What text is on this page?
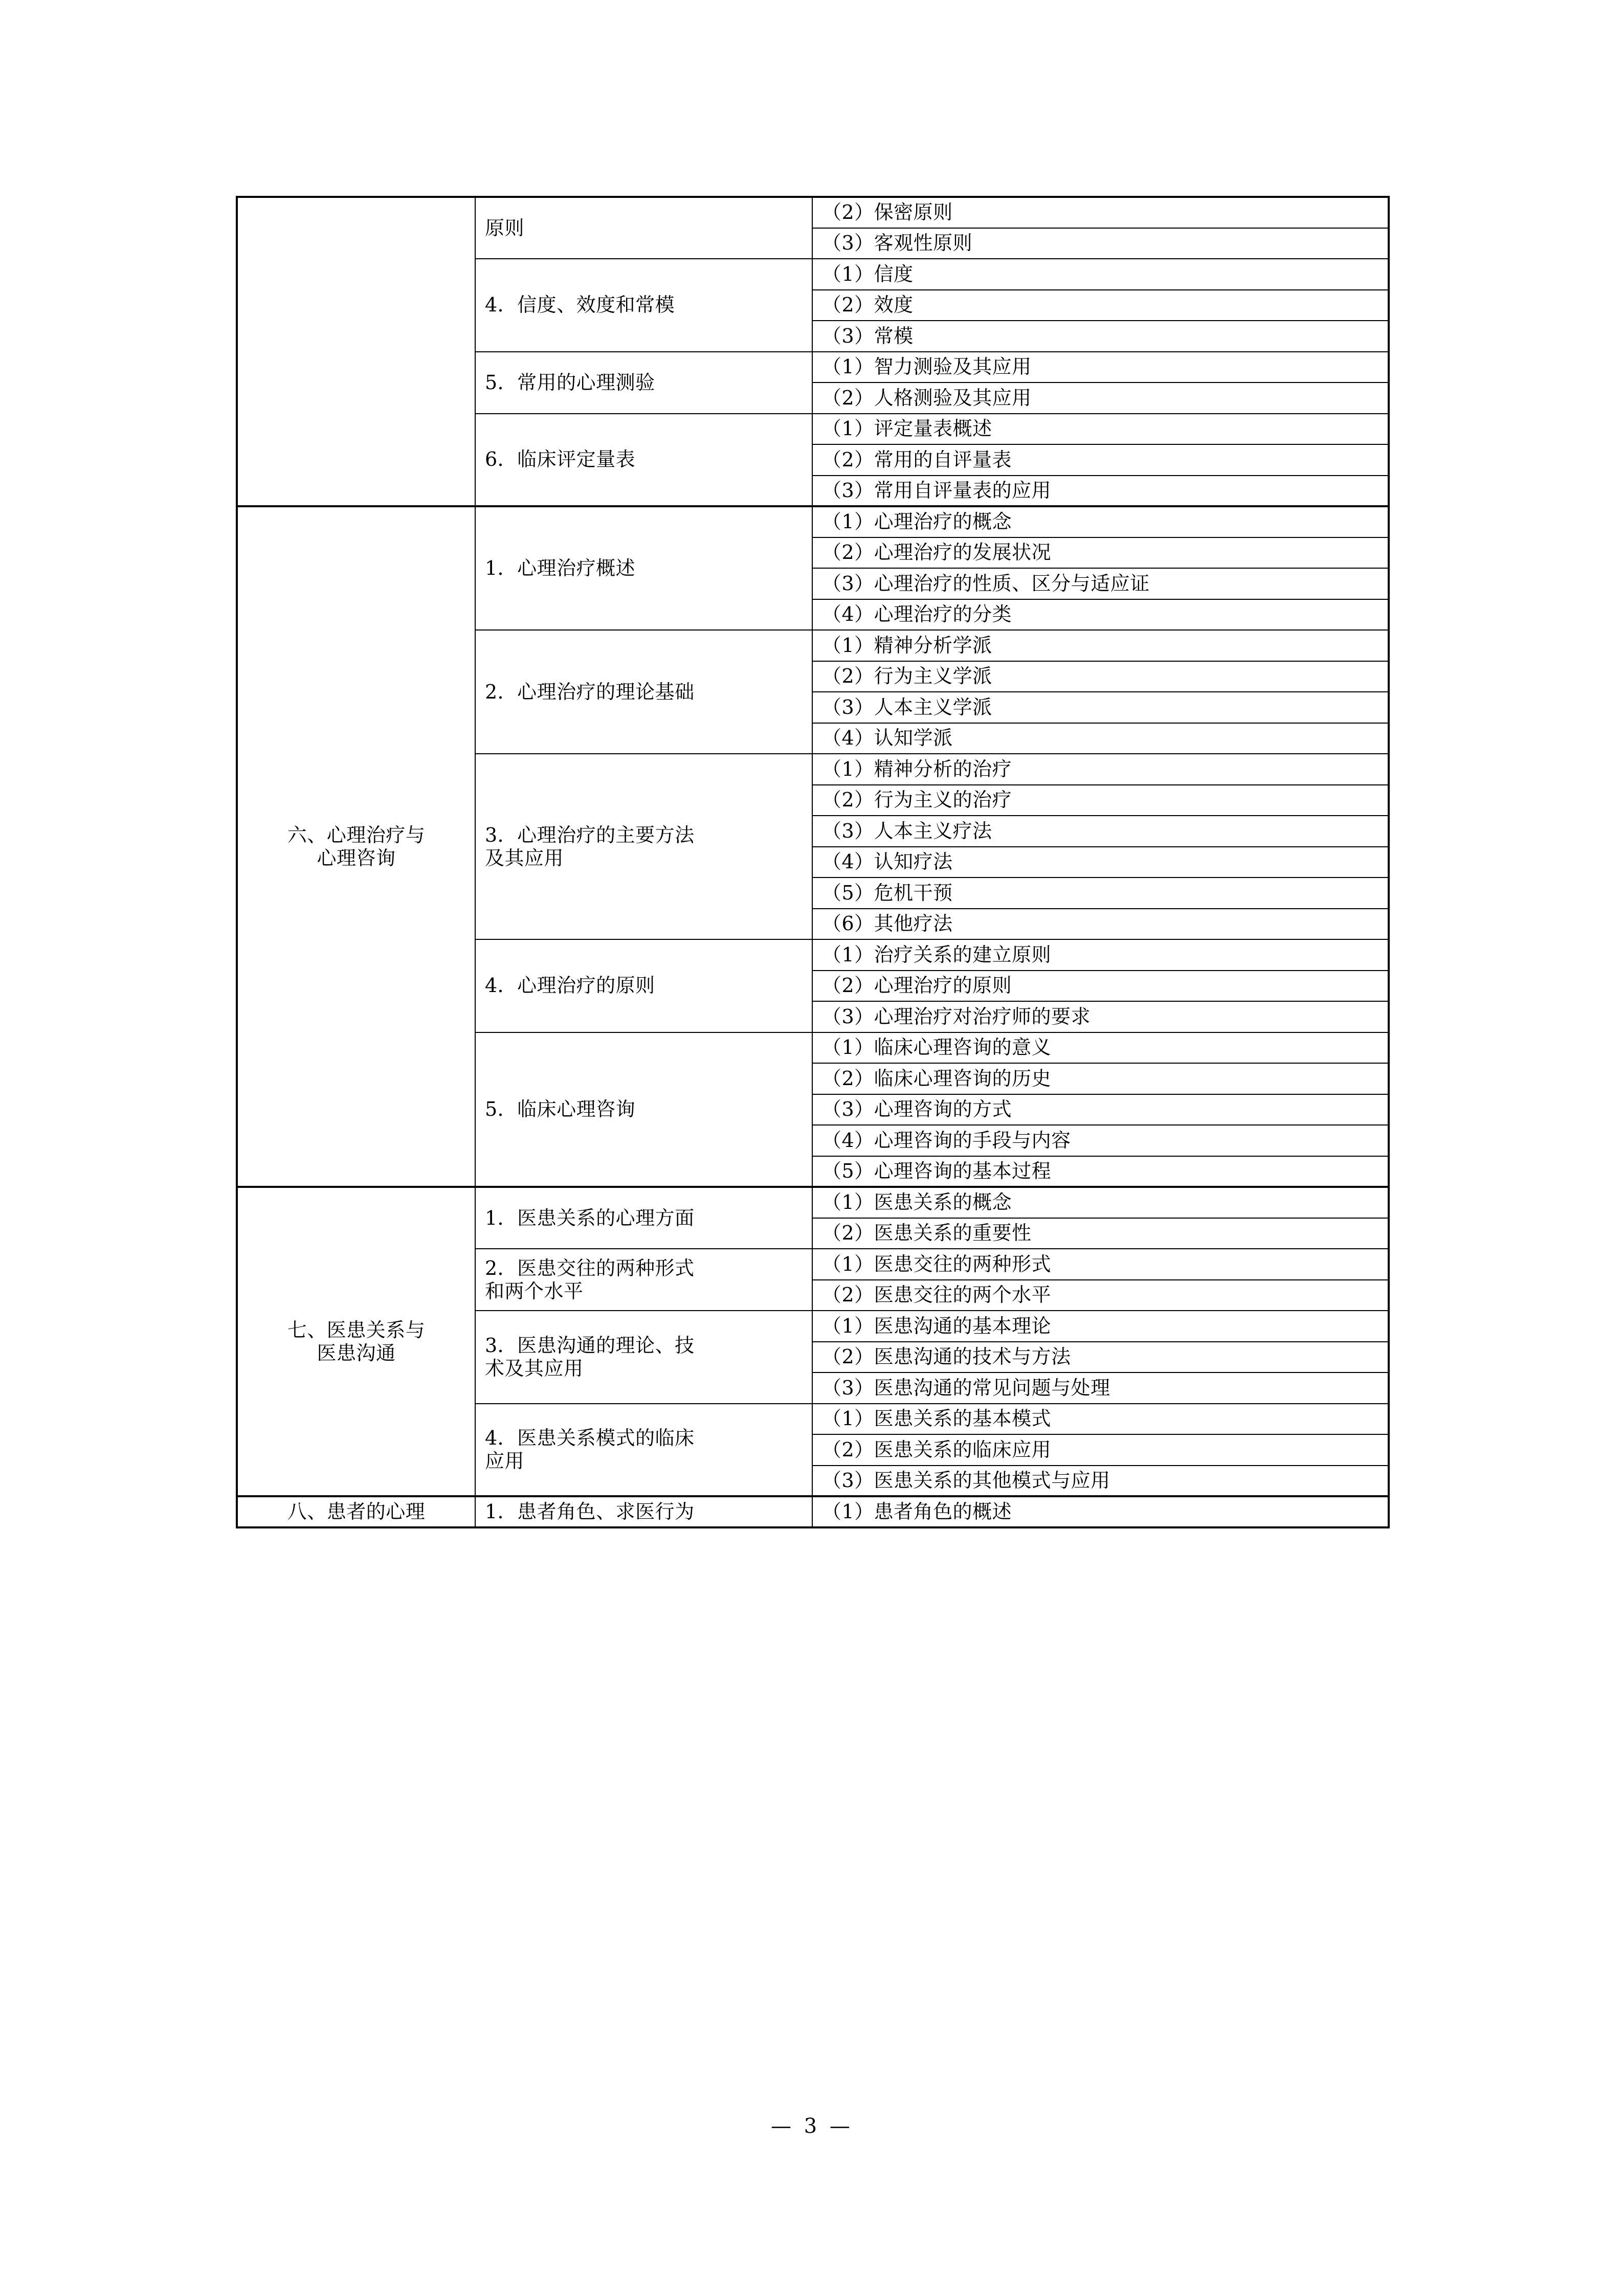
	原则	（2）保密原则
		（3）客观性原则

	4．信度、效度和常模	（1）信度
		（2）效度
		（3）常模

	5．常用的心理测验	（1）智力测验及其应用
		（2）人格测验及其应用

	6．临床评定量表	（1）评定量表概述
		（2）常用的自评量表
		（3）常用自评量表的应用

六、心理治疗与
心理咨询	1．心理治疗概述	（1）心理治疗的概念
		（2）心理治疗的发展状况
		（3）心理治疗的性质、区分与适应证
		（4）心理治疗的分类

	2．心理治疗的理论基础	（1）精神分析学派
		（2）行为主义学派
		（3）人本主义学派
		（4）认知学派

	3．心理治疗的主要方法
及其应用	（1）精神分析的治疗
		（2）行为主义的治疗
		（3）人本主义疗法
		（4）认知疗法
		（5）危机干预
		（6）其他疗法

	4．心理治疗的原则	（1）治疗关系的建立原则
		（2）心理治疗的原则
		（3）心理治疗对治疗师的要求

	5．临床心理咨询	（1）临床心理咨询的意义
		（2）临床心理咨询的历史
		（3）心理咨询的方式
		（4）心理咨询的手段与内容
		（5）心理咨询的基本过程

七、医患关系与
医患沟通	1．医患关系的心理方面	（1）医患关系的概念
		（2）医患关系的重要性

	2．医患交往的两种形式
和两个水平	（1）医患交往的两种形式
		（2）医患交往的两个水平

	3．医患沟通的理论、技
术及其应用	（1）医患沟通的基本理论
		（2）医患沟通的技术与方法
		（3）医患沟通的常见问题与处理

	4．医患关系模式的临床
应用	（1）医患关系的基本模式
		（2）医患关系的临床应用
		（3）医患关系的其他模式与应用

八、患者的心理	1．患者角色、求医行为	（1）患者角色的概述
— 3 —
